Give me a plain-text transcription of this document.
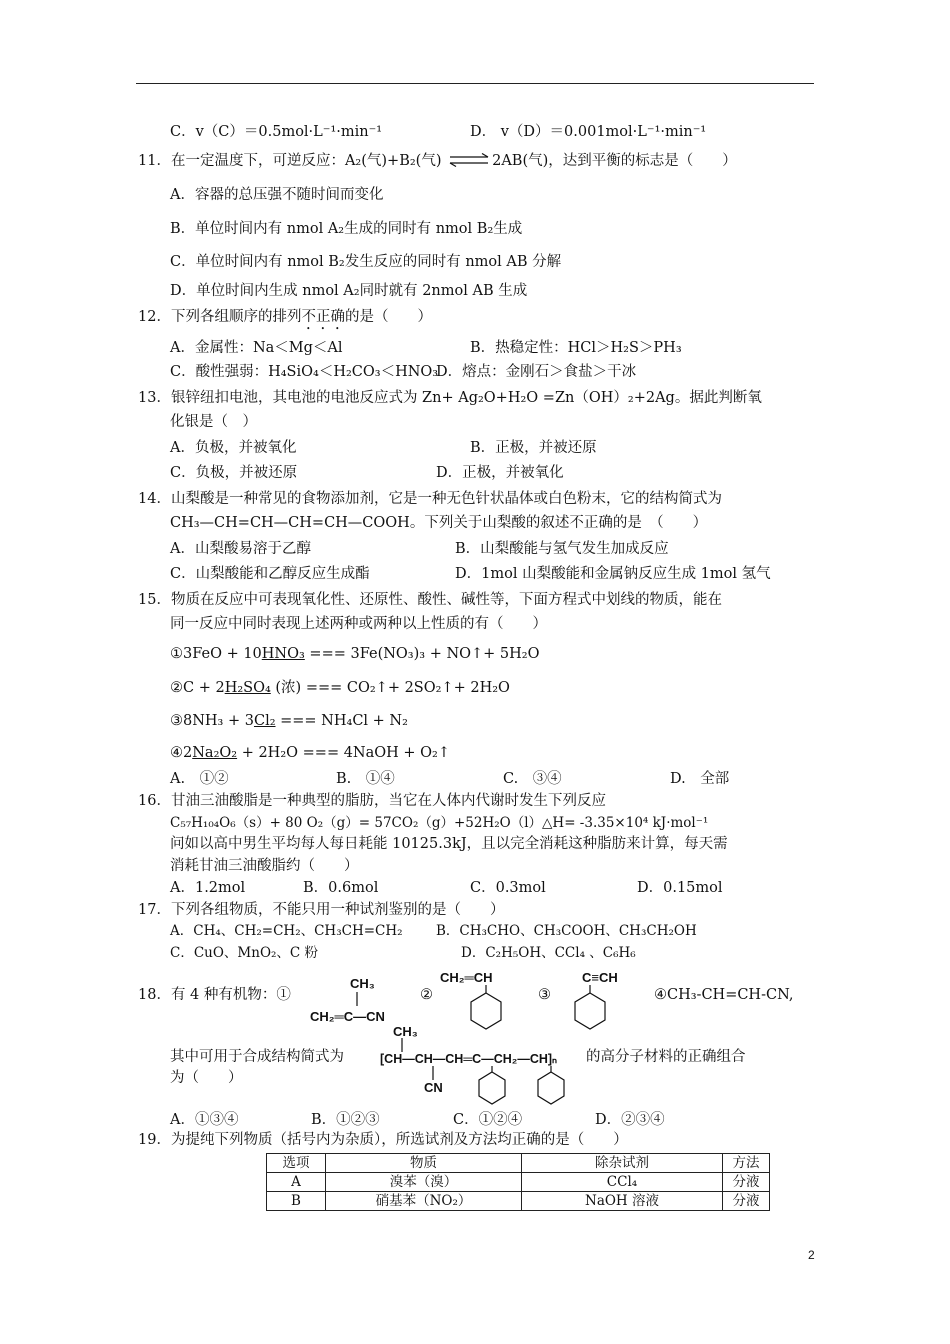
C．v（C）＝0.5mol·L⁻¹·min⁻¹	D． v（D）＝0.001mol·L⁻¹·min⁻¹
11．在一定温度下，可逆反应：A₂(气)+B₂(气) ⇌2AB(气)，达到平衡的标志是（　　）
A．容器的总压强不随时间而变化
B．单位时间内有 nmol A₂生成的同时有 nmol B₂生成
C．单位时间内有 nmol B₂发生反应的同时有 nmol AB 分解
D．单位时间内生成 nmol A₂同时就有 2nmol AB 生成
12．下列各组顺序的排列不正确的是（　　）
A．金属性：Na＜Mg＜Al	B．热稳定性：HCl＞H₂S＞PH₃
C．酸性强弱：H₄SiO₄＜H₂CO₃＜HNO₃
D．熔点：金刚石＞食盐＞干冰
13．银锌纽扣电池，其电池的电池反应式为 Zn+ Ag₂O+H₂O =Zn（OH）₂+2Ag。据此判断氧
化银是（　）
A．负极，并被氧化	B．正极，并被还原
C．负极，并被还原	D．正极，并被氧化
14．山梨酸是一种常见的食物添加剂，它是一种无色针状晶体或白色粉末，它的结构简式为
CH₃—CH=CH—CH=CH—COOH。下列关于山梨酸的叙述不正确的是　（　　）
A．山梨酸易溶于乙醇	B．山梨酸能与氢气发生加成反应
C．山梨酸能和乙醇反应生成酯	D．1mol 山梨酸能和金属钠反应生成 1mol 氢气
15．物质在反应中可表现氧化性、还原性、酸性、碱性等，下面方程式中划线的物质，能在
同一反应中同时表现上述两种或两种以上性质的有（　　）
①3FeO + 10HNO₃ === 3Fe(NO₃)₃ + NO↑+ 5H₂O
②C + 2H₂SO₄ (浓) === CO₂↑+ 2SO₂↑+ 2H₂O
③8NH₃ + 3Cl₂ === NH₄Cl + N₂
④2Na₂O₂ + 2H₂O === 4NaOH + O₂↑
A.　①②	B.　①④	C.　③④	D.　全部
16．甘油三油酸脂是一种典型的脂肪，当它在人体内代谢时发生下列反应
C₅₇H₁₀₄O₆（s）+ 80 O₂（g）= 57CO₂（g）+52H₂O（l）△H= -3.35×10⁴ kJ·mol⁻¹
问如以高中男生平均每人每日耗能 10125.3kJ，且以完全消耗这种脂肪来计算，每天需
消耗甘油三油酸脂约（　　）
A．1.2mol	B．0.6mol	C．0.3mol	D．0.15mol
17．下列各组物质，不能只用一种试剂鉴别的是（　　）
A．CH₄、CH₂=CH₂、CH₃CH=CH₂ B．CH₃CHO、CH₃COOH、CH₃CH₂OH
C．CuO、MnO₂、C 粉	D．C₂H₅OH、CCl₄ 、C₆H₆
18．有 4 种有机物：①
CH₃
CH₂═C—CN
②
CH₂═CH
③
C≡CH
④CH₃-CH=CH-CN,
其中可用于合成结构简式为
CH₃
[CH—CH—CH═C—CH₂—CH]ₙ
CN
的高分子材料的正确组合
为（　　）
A．①③④	B．①②③	C．①②④	D．②③④
19．为提纯下列物质（括号内为杂质），所选试剂及方法均正确的是（　　）
选项	物质	除杂试剂	方法
A	溴苯（溴）	CCl₄	分液
B	硝基苯（NO₂）	NaOH 溶液	分液
2
